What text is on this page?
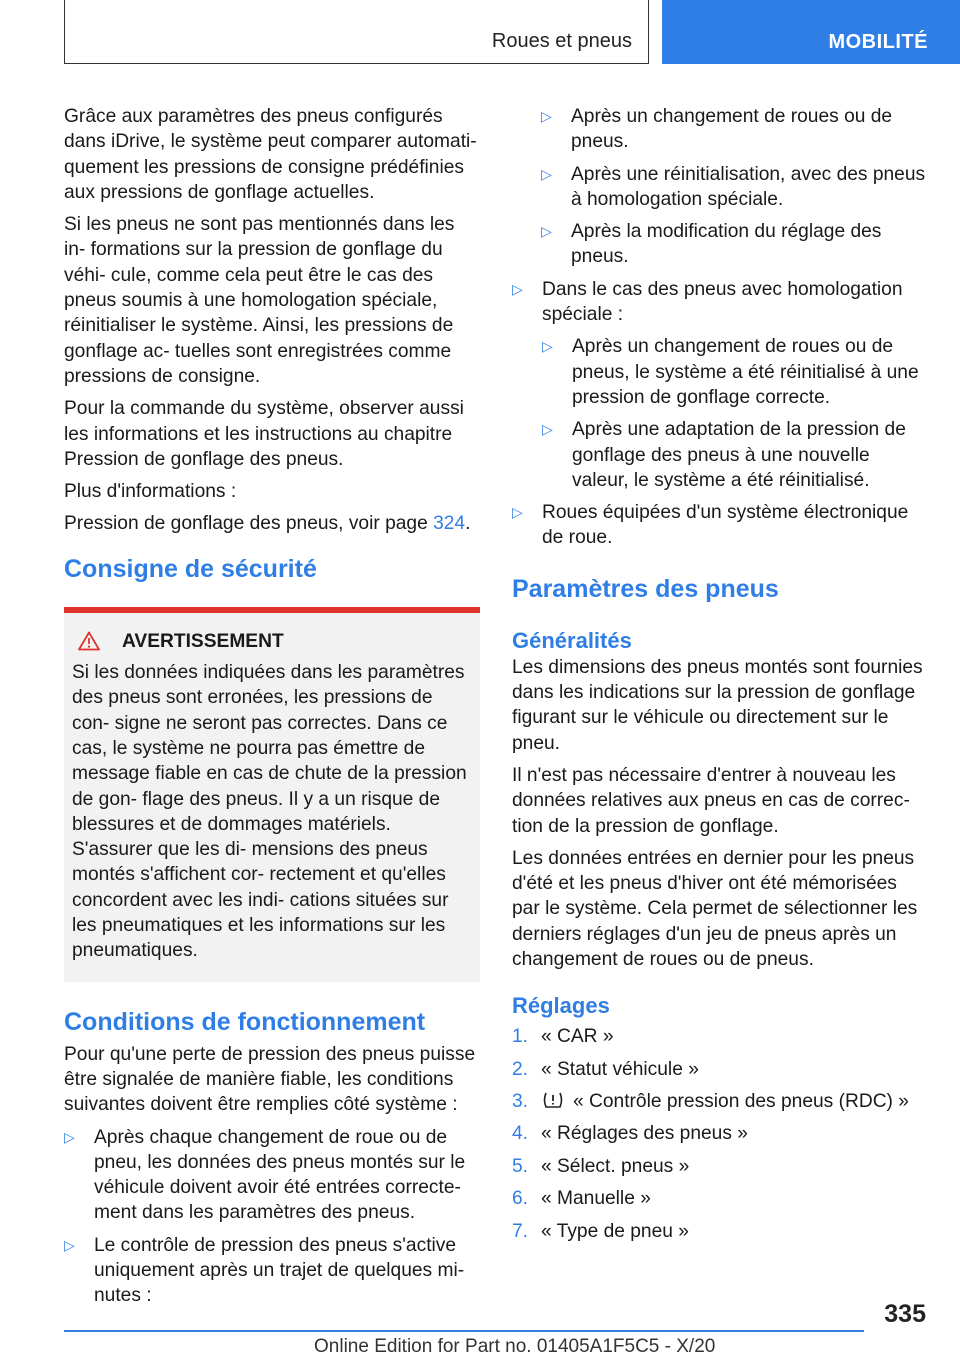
Roues et pneus	MOBILITÉ

Grâce aux paramètres des pneus configurés dans iDrive, le système peut comparer automati‐ quement les pressions de consigne prédéfinies aux pressions de gonflage actuelles.

Si les pneus ne sont pas mentionnés dans les in‐ formations sur la pression de gonflage du véhi‐ cule, comme cela peut être le cas des pneus soumis à une homologation spéciale, réinitialiser le système. Ainsi, les pressions de gonflage ac‐ tuelles sont enregistrées comme pressions de consigne.

Pour la commande du système, observer aussi les informations et les instructions au chapitre Pression de gonflage des pneus.

Plus d'informations :

Pression de gonflage des pneus, voir page 324.

Consigne de sécurité
AVERTISSEMENT
Si les données indiquées dans les paramètres des pneus sont erronées, les pressions de con‐ signe ne seront pas correctes. Dans ce cas, le système ne pourra pas émettre de message fiable en cas de chute de la pression de gon‐ flage des pneus. Il y a un risque de blessures et de dommages matériels. S'assurer que les di‐ mensions des pneus montés s'affichent cor‐ rectement et qu'elles concordent avec les indi‐ cations situées sur les pneumatiques et les informations sur les pneumatiques.
Conditions de fonctionnement

Pour qu'une perte de pression des pneus puisse être signalée de manière fiable, les conditions suivantes doivent être remplies côté système :

▷ Après chaque changement de roue ou de pneu, les données des pneus montés sur le véhicule doivent avoir été entrées correcte‐ ment dans les paramètres des pneus.
▷ Le contrôle de pression des pneus s'active uniquement après un trajet de quelques mi‐ nutes :
▷ Après un changement de roues ou de pneus.
▷ Après une réinitialisation, avec des pneus à homologation spéciale.
▷ Après la modification du réglage des pneus.
▷ Dans le cas des pneus avec homologation spéciale :
▷ Après un changement de roues ou de pneus, le système a été réinitialisé à une pression de gonflage correcte.
▷ Après une adaptation de la pression de gonflage des pneus à une nouvelle valeur, le système a été réinitialisé.
▷ Roues équipées d'un système électronique de roue.
Paramètres des pneus
Généralités

Les dimensions des pneus montés sont fournies dans les indications sur la pression de gonflage figurant sur le véhicule ou directement sur le pneu.

Il n'est pas nécessaire d'entrer à nouveau les données relatives aux pneus en cas de correc‐ tion de la pression de gonflage.

Les données entrées en dernier pour les pneus d'été et les pneus d'hiver ont été mémorisées par le système. Cela permet de sélectionner les derniers réglages d'un jeu de pneus après un changement de roues ou de pneus.

Réglages
1. « CAR »
2. « Statut véhicule »
3. « Contrôle pression des pneus (RDC) »
4. « Réglages des pneus »
5. « Sélect. pneus »
6. « Manuelle »
7. « Type de pneu »
335
Online Edition for Part no. 01405A1F5C5 - X/20
